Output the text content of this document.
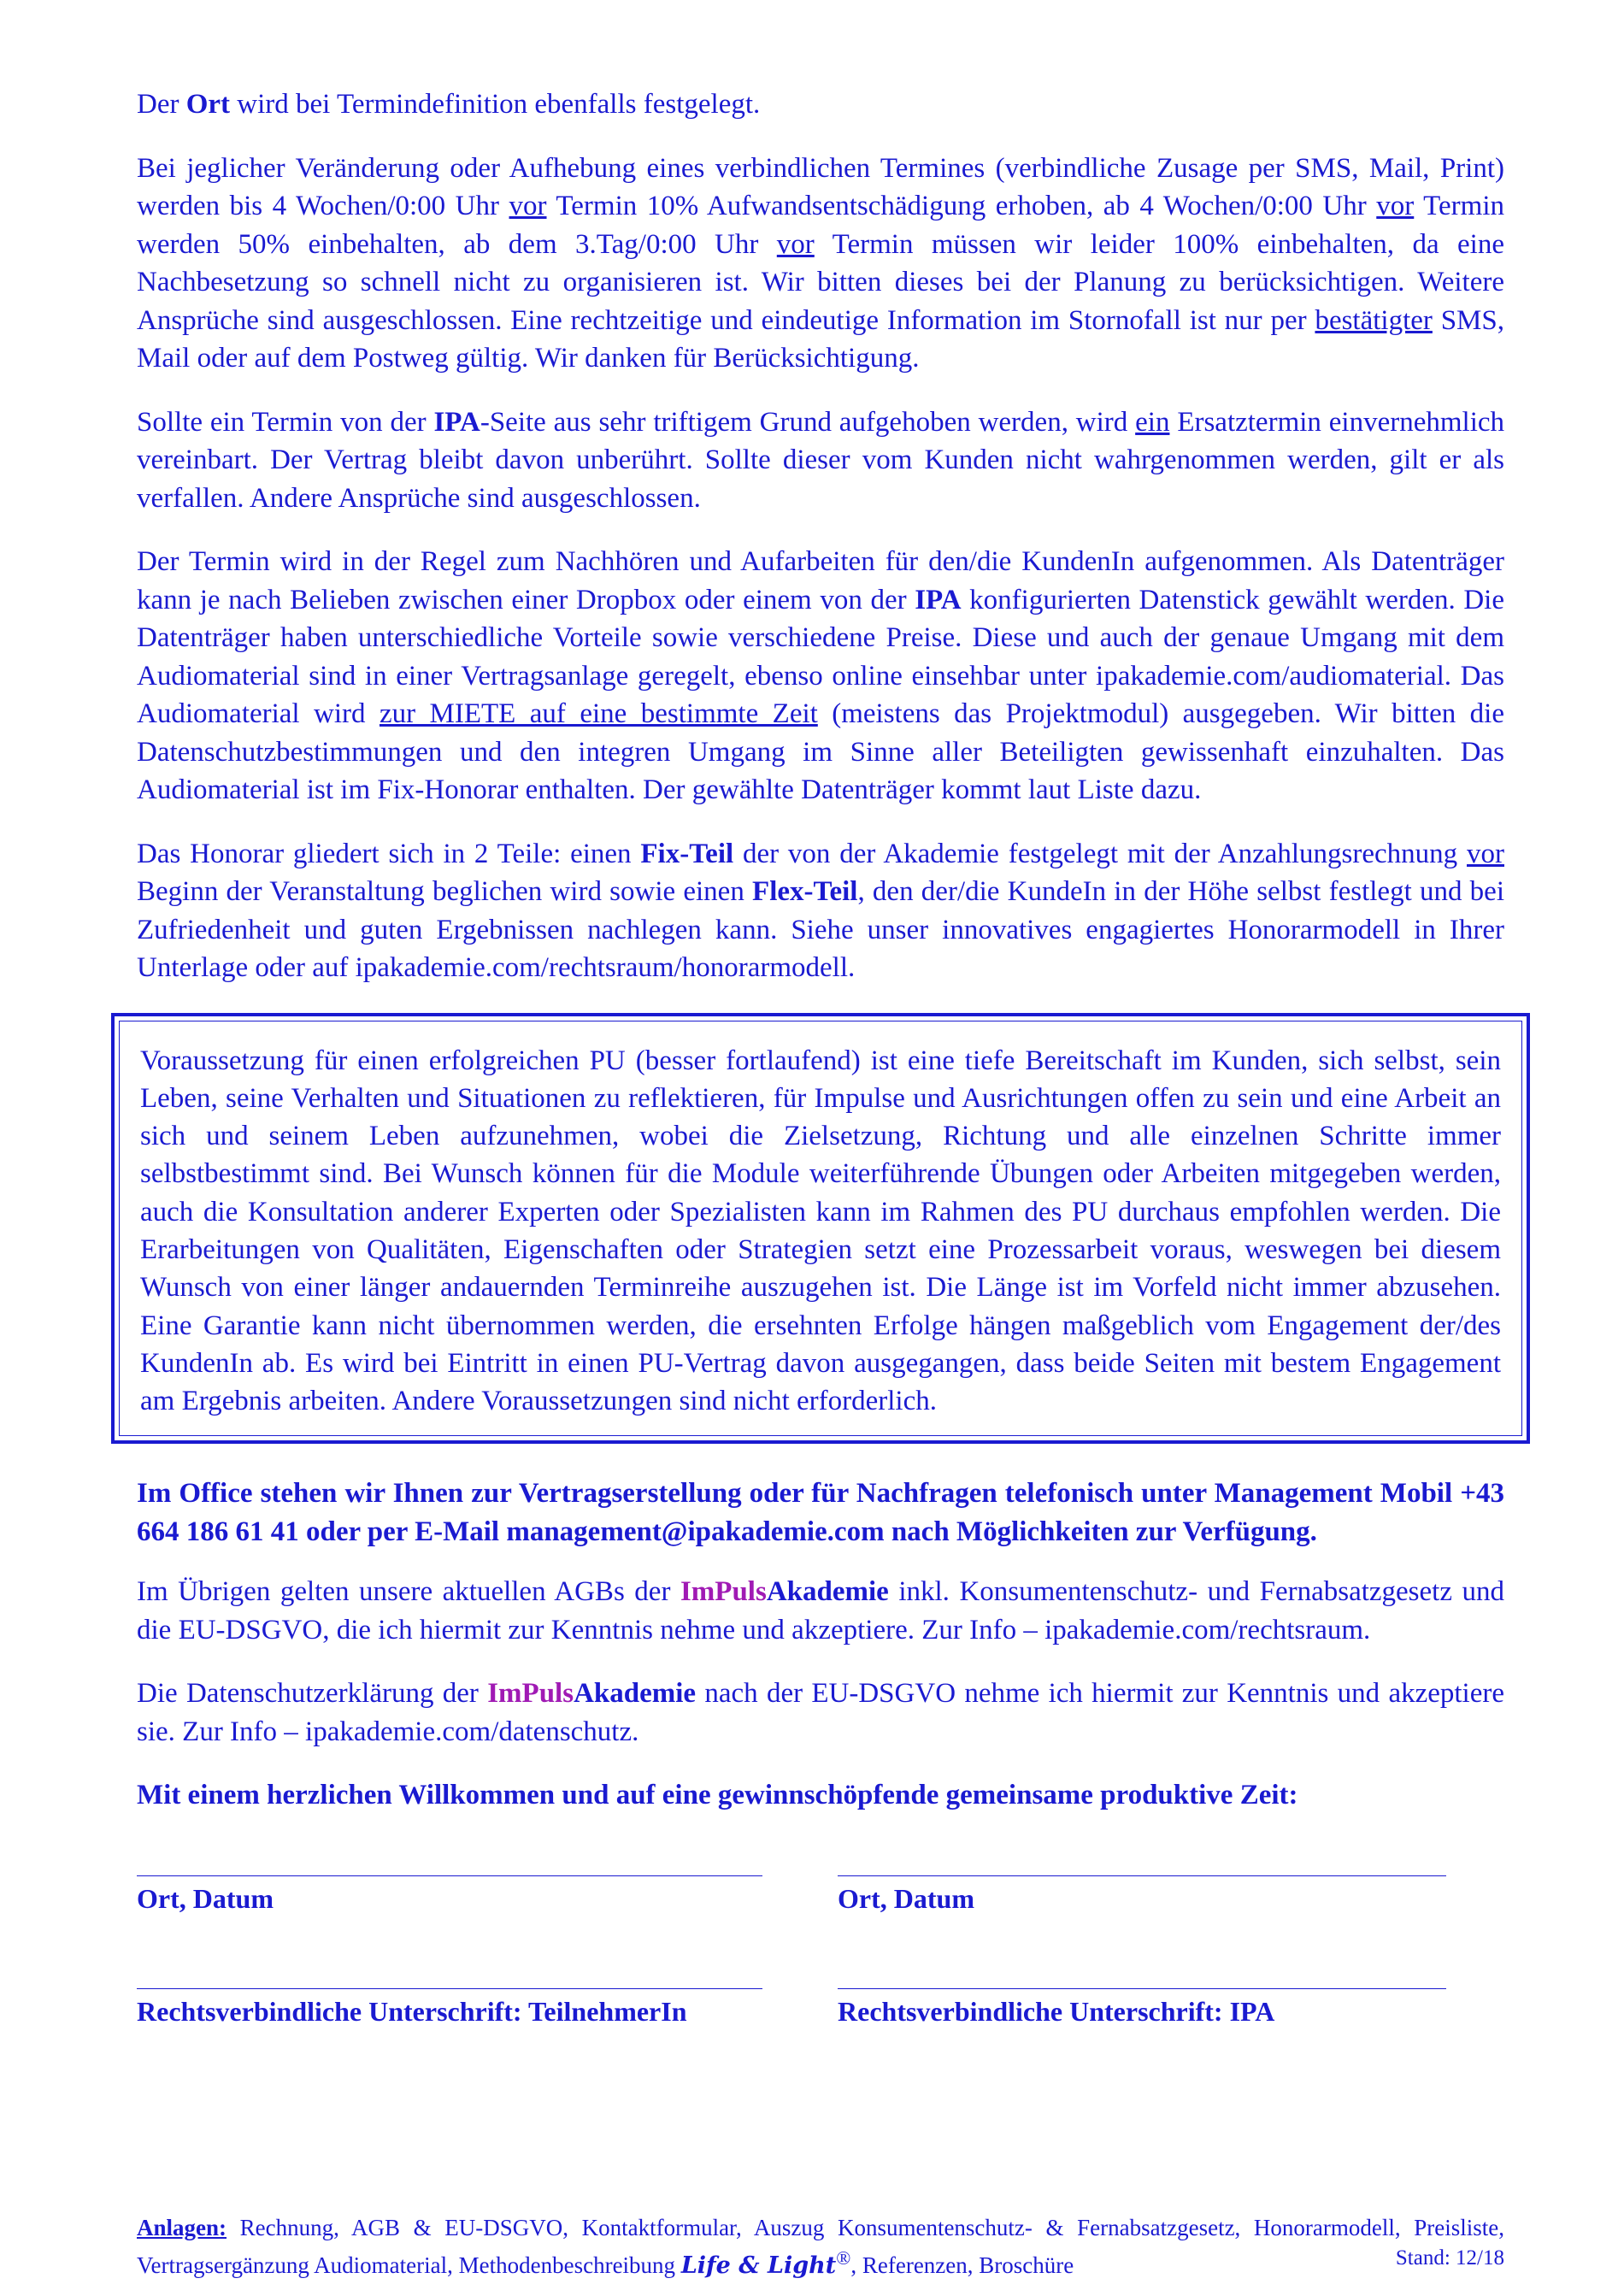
Der Ort wird bei Termindefinition ebenfalls festgelegt.

Bei jeglicher Veränderung oder Aufhebung eines verbindlichen Termines (verbindliche Zusage per SMS, Mail, Print) werden bis 4 Wochen/0:00 Uhr vor Termin 10% Aufwandsentschädigung erhoben, ab 4 Wochen/0:00 Uhr vor Termin werden 50% einbehalten, ab dem 3.Tag/0:00 Uhr vor Termin müssen wir leider 100% einbehalten, da eine Nachbesetzung so schnell nicht zu organisieren ist. Wir bitten dieses bei der Planung zu berücksichtigen. Weitere Ansprüche sind ausgeschlossen. Eine rechtzeitige und eindeutige Information im Stornofall ist nur per bestätigter SMS, Mail oder auf dem Postweg gültig. Wir danken für Berücksichtigung.

Sollte ein Termin von der IPA-Seite aus sehr triftigem Grund aufgehoben werden, wird ein Ersatztermin einvernehmlich vereinbart. Der Vertrag bleibt davon unberührt. Sollte dieser vom Kunden nicht wahrgenommen werden, gilt er als verfallen. Andere Ansprüche sind ausgeschlossen.

Der Termin wird in der Regel zum Nachhören und Aufarbeiten für den/die KundenIn aufgenommen. Als Datenträger kann je nach Belieben zwischen einer Dropbox oder einem von der IPA konfigurierten Datenstick gewählt werden. Die Datenträger haben unterschiedliche Vorteile sowie verschiedene Preise. Diese und auch der genaue Umgang mit dem Audiomaterial sind in einer Vertragsanlage geregelt, ebenso online einsehbar unter ipakademie.com/audiomaterial. Das Audiomaterial wird zur MIETE auf eine bestimmte Zeit (meistens das Projektmodul) ausgegeben. Wir bitten die Datenschutzbestimmungen und den integren Umgang im Sinne aller Beteiligten gewissenhaft einzuhalten. Das Audiomaterial ist im Fix-Honorar enthalten. Der gewählte Datenträger kommt laut Liste dazu.

Das Honorar gliedert sich in 2 Teile: einen Fix-Teil der von der Akademie festgelegt mit der Anzahlungsrechnung vor Beginn der Veranstaltung beglichen wird sowie einen Flex-Teil, den der/die KundeIn in der Höhe selbst festlegt und bei Zufriedenheit und guten Ergebnissen nachlegen kann. Siehe unser innovatives engagiertes Honorarmodell in Ihrer Unterlage oder auf ipakademie.com/rechtsraum/honorarmodell.

Voraussetzung für einen erfolgreichen PU (besser fortlaufend) ist eine tiefe Bereitschaft im Kunden, sich selbst, sein Leben, seine Verhalten und Situationen zu reflektieren, für Impulse und Ausrichtungen offen zu sein und eine Arbeit an sich und seinem Leben aufzunehmen, wobei die Zielsetzung, Richtung und alle einzelnen Schritte immer selbstbestimmt sind. Bei Wunsch können für die Module weiterführende Übungen oder Arbeiten mitgegeben werden, auch die Konsultation anderer Experten oder Spezialisten kann im Rahmen des PU durchaus empfohlen werden. Die Erarbeitungen von Qualitäten, Eigenschaften oder Strategien setzt eine Prozessarbeit voraus, weswegen bei diesem Wunsch von einer länger andauernden Terminreihe auszugehen ist. Die Länge ist im Vorfeld nicht immer abzusehen. Eine Garantie kann nicht übernommen werden, die ersehnten Erfolge hängen maßgeblich vom Engagement der/des KundenIn ab. Es wird bei Eintritt in einen PU-Vertrag davon ausgegangen, dass beide Seiten mit bestem Engagement am Ergebnis arbeiten. Andere Voraussetzungen sind nicht erforderlich.

Im Office stehen wir Ihnen zur Vertragserstellung oder für Nachfragen telefonisch unter Management Mobil +43 664 186 61 41 oder per E-Mail management@ipakademie.com nach Möglichkeiten zur Verfügung.

Im Übrigen gelten unsere aktuellen AGBs der ImPulsAkademie inkl. Konsumentenschutz- und Fernabsatzgesetz und die EU-DSGVO, die ich hiermit zur Kenntnis nehme und akzeptiere. Zur Info – ipakademie.com/rechtsraum.

Die Datenschutzerklärung der ImPulsAkademie nach der EU-DSGVO nehme ich hiermit zur Kenntnis und akzeptiere sie. Zur Info – ipakademie.com/datenschutz.

Mit einem herzlichen Willkommen und auf eine gewinnschöpfende gemeinsame produktive Zeit:

Ort, Datum	Ort, Datum
Rechtsverbindliche Unterschrift: TeilnehmerIn	Rechtsverbindliche Unterschrift: IPA

Anlagen: Rechnung, AGB & EU-DSGVO, Kontaktformular, Auszug Konsumentenschutz- & Fernabsatzgesetz, Honorarmodell, Preisliste, Vertragsergänzung Audiomaterial, Methodenbeschreibung Life & Light®, Referenzen, Broschüre	Stand: 12/18
